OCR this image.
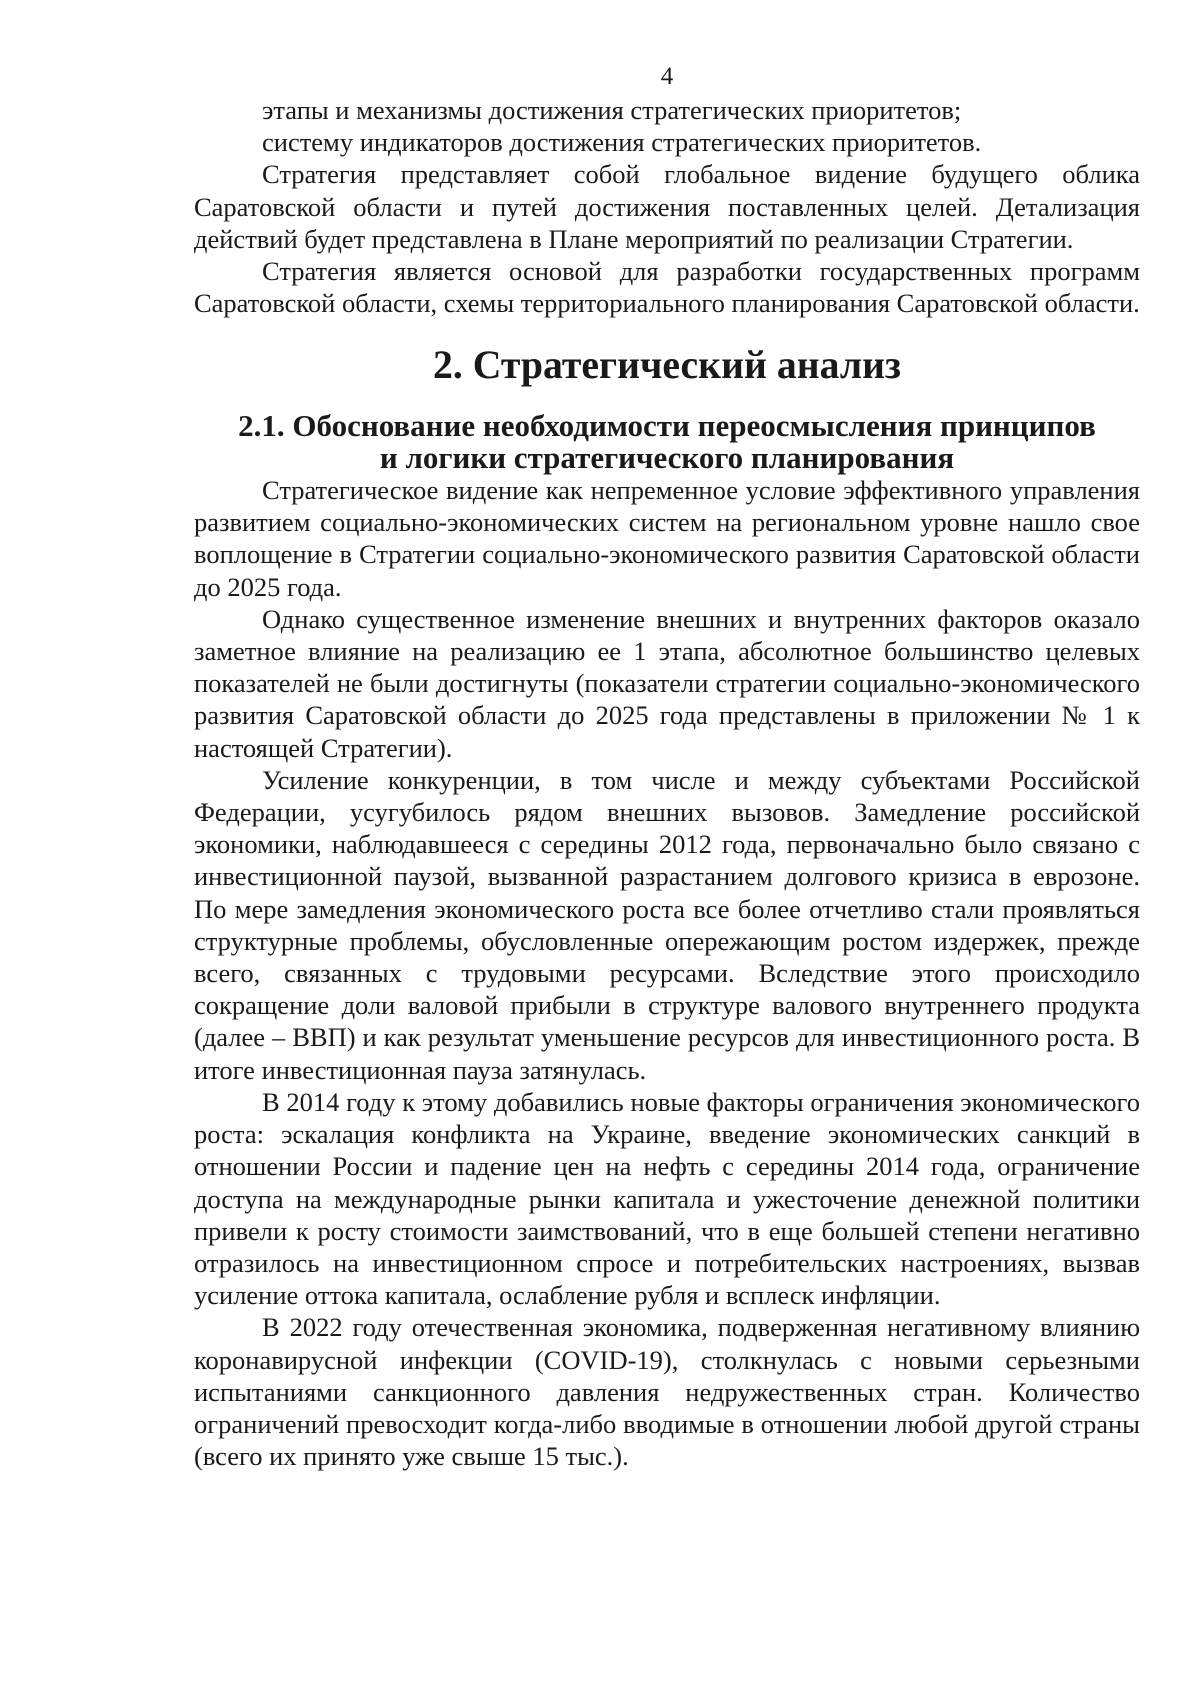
4

этапы и механизмы достижения стратегических приоритетов;

систему индикаторов достижения стратегических приоритетов.

Стратегия представляет собой глобальное видение будущего облика Саратовской области и путей достижения поставленных целей. Детализация действий будет представлена в Плане мероприятий по реализации Стратегии.

Стратегия является основой для разработки государственных программ Саратовской области, схемы территориального планирования Саратовской области.

2. Стратегический анализ
2.1. Обоснование необходимости переосмысления принципов
и логики стратегического планирования

Стратегическое видение как непременное условие эффективного управления развитием социально-экономических систем на региональном уровне нашло свое воплощение в Стратегии социально-экономического развития Саратовской области до 2025 года.

Однако существенное изменение внешних и внутренних факторов оказало заметное влияние на реализацию ее 1 этапа, абсолютное большинство целевых показателей не были достигнуты (показатели стратегии социально-экономического развития Саратовской области до 2025 года представлены в приложении № 1 к настоящей Стратегии).

Усиление конкуренции, в том числе и между субъектами Российской Федерации, усугубилось рядом внешних вызовов. Замедление российской экономики, наблюдавшееся с середины 2012 года, первоначально было связано с инвестиционной паузой, вызванной разрастанием долгового кризиса в еврозоне. По мере замедления экономического роста все более отчетливо стали проявляться структурные проблемы, обусловленные опережающим ростом издержек, прежде всего, связанных с трудовыми ресурсами. Вследствие этого происходило сокращение доли валовой прибыли в структуре валового внутреннего продукта (далее – ВВП) и как результат уменьшение ресурсов для инвестиционного роста. В итоге инвестиционная пауза затянулась.

В 2014 году к этому добавились новые факторы ограничения экономического роста: эскалация конфликта на Украине, введение экономических санкций в отношении России и падение цен на нефть с середины 2014 года, ограничение доступа на международные рынки капитала и ужесточение денежной политики привели к росту стоимости заимствований, что в еще большей степени негативно отразилось на инвестиционном спросе и потребительских настроениях, вызвав усиление оттока капитала, ослабление рубля и всплеск инфляции.

В 2022 году отечественная экономика, подверженная негативному влиянию коронавирусной инфекции (COVID-19), столкнулась с новыми серьезными испытаниями санкционного давления недружественных стран. Количество ограничений превосходит когда-либо вводимые в отношении любой другой страны (всего их принято уже свыше 15 тыс.).
